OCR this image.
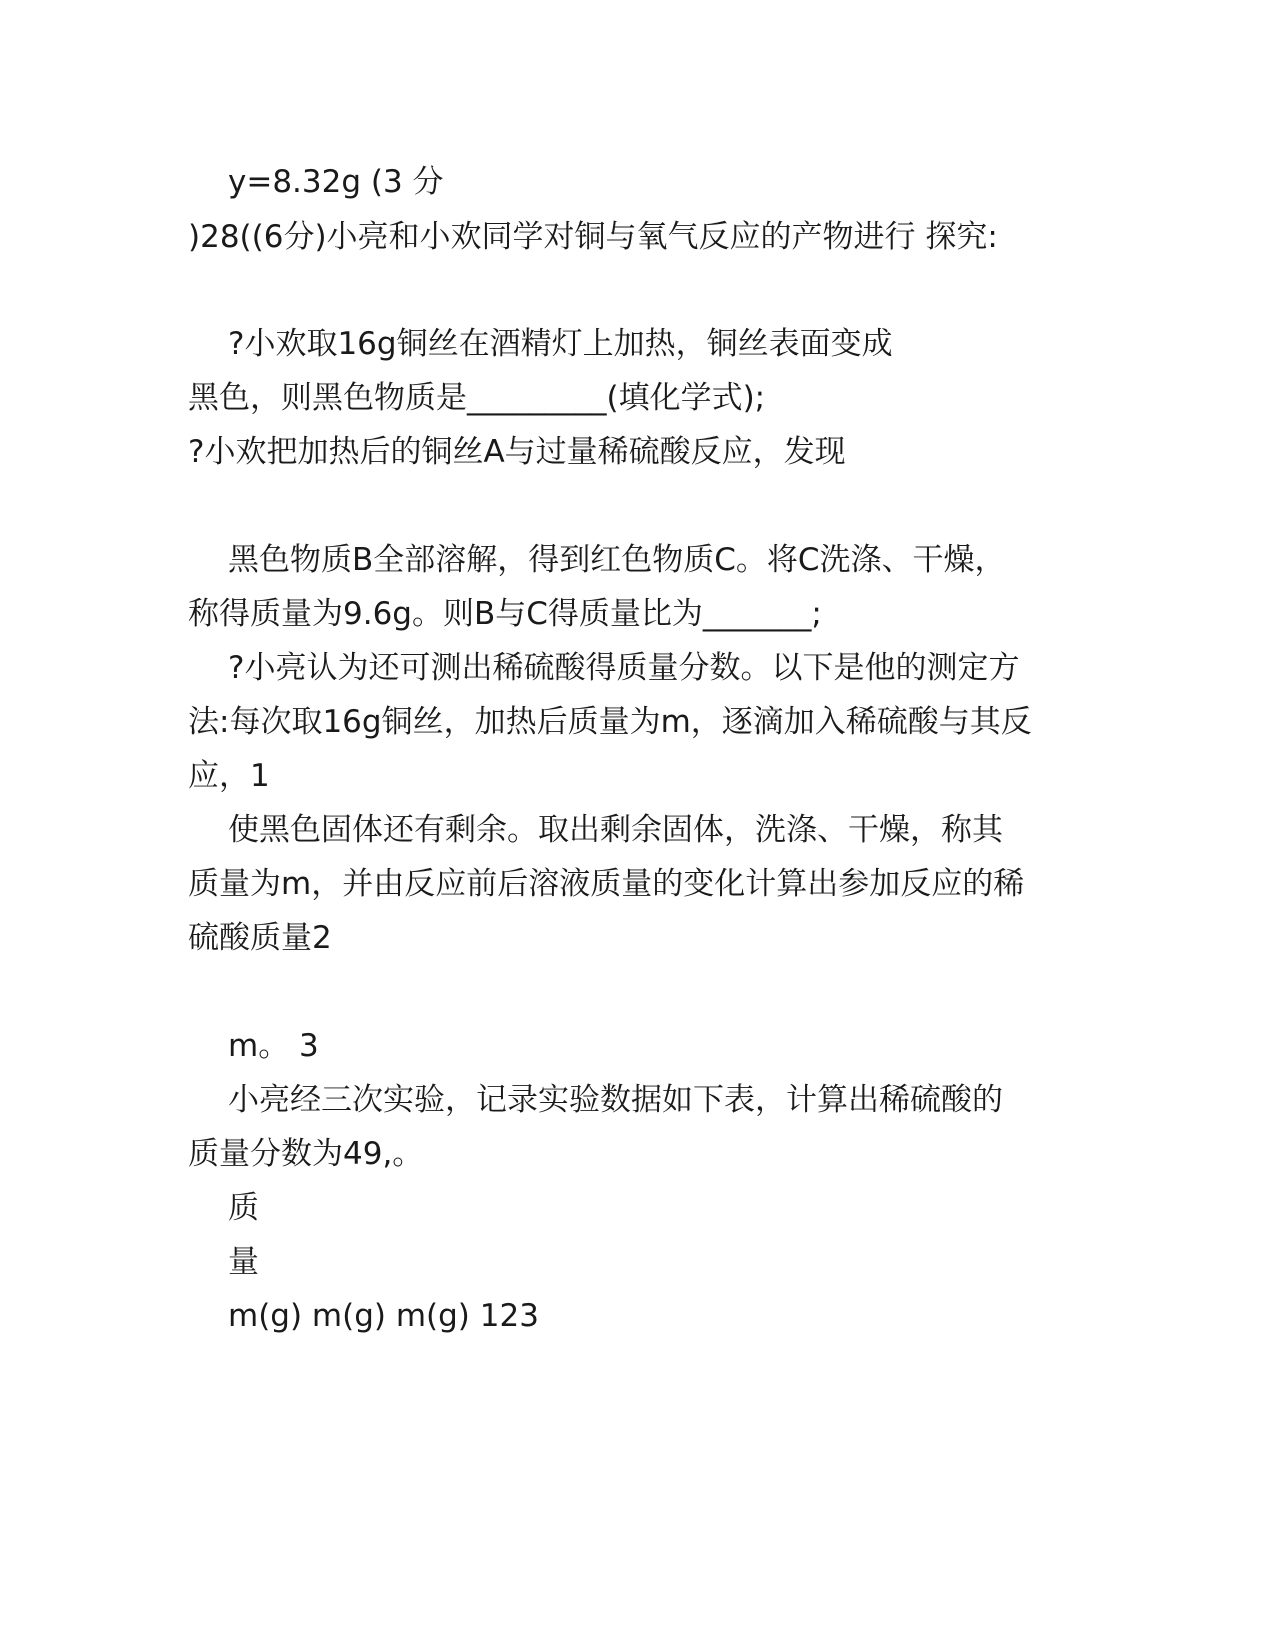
y=8.32g (3 分
)28((6分)小亮和小欢同学对铜与氧气反应的产物进行 探究:
?小欢取16g铜丝在酒精灯上加热，铜丝表面变成
黑色，则黑色物质是_________(填化学式);
?小欢把加热后的铜丝A与过量稀硫酸反应，发现
黑色物质B全部溶解，得到红色物质C。将C洗涤、干燥，
称得质量为9.6g。则B与C得质量比为_______;
?小亮认为还可测出稀硫酸得质量分数。以下是他的测定方
法:每次取16g铜丝，加热后质量为m，逐滴加入稀硫酸与其反
应，1
使黑色固体还有剩余。取出剩余固体，洗涤、干燥，称其
质量为m，并由反应前后溶液质量的变化计算出参加反应的稀
硫酸质量2
m。 3
小亮经三次实验，记录实验数据如下表，计算出稀硫酸的
质量分数为49,。
质
量
m(g) m(g) m(g) 123
